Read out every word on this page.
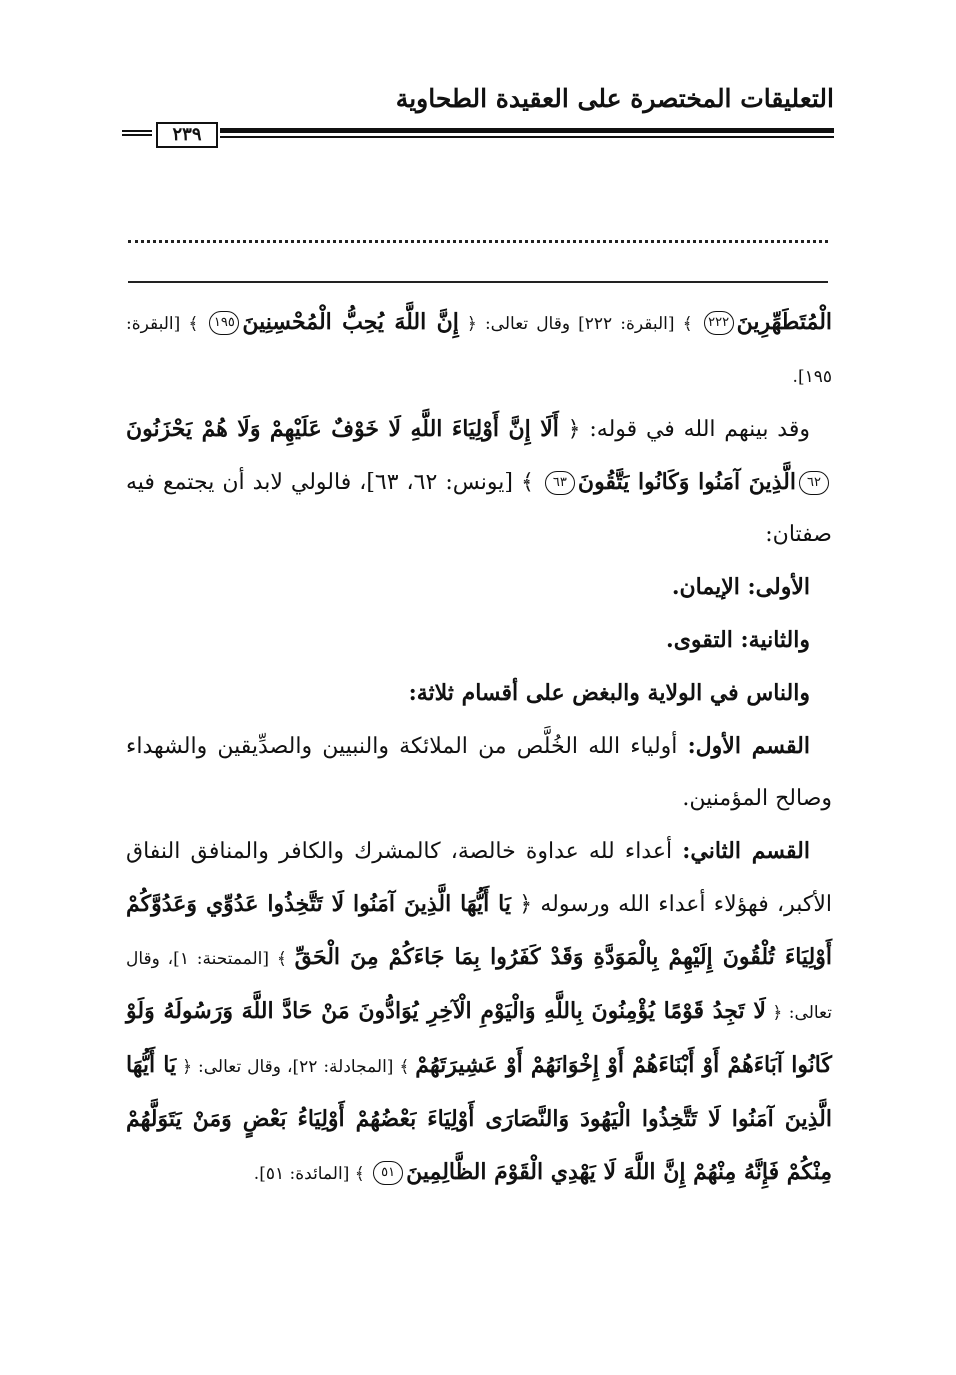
التعليقات المختصرة على العقيدة الطحاوية
٢٣٩

الْمُتَطَهِّرِينَ٢٢٢ ﴾ [البقرة: ٢٢٢] وقال تعالى: ﴿ إِنَّ اللَّهَ يُحِبُّ الْمُحْسِنِينَ١٩٥ ﴾ [البقرة: ١٩٥].

 وقد بينهم الله في قوله: ﴿ أَلَا إِنَّ أَوْلِيَاءَ اللَّهِ لَا خَوْفٌ عَلَيْهِمْ وَلَا هُمْ يَحْزَنُونَ٦٢الَّذِينَ آمَنُوا وَكَانُوا يَتَّقُونَ٦٣ ﴾ [يونس: ٦٢، ٦٣]، فالولي لابد أن يجتمع فيه صفتان:

 الأولى: الإيمان.

 والثانية: التقوى.

 والناس في الولاية والبغض على أقسام ثلاثة:

 القسم الأول: أولياء الله الخُلَّص من الملائكة والنبيين والصدِّيقين والشهداء وصالح المؤمنين.

 القسم الثاني: أعداء لله عداوة خالصة، كالمشرك والكافر والمنافق النفاق الأكبر، فهؤلاء أعداء الله ورسوله ﴿ يَا أَيُّهَا الَّذِينَ آمَنُوا لَا تَتَّخِذُوا عَدُوِّي وَعَدُوَّكُمْ أَوْلِيَاءَ تُلْقُونَ إِلَيْهِمْ بِالْمَوَدَّةِ وَقَدْ كَفَرُوا بِمَا جَاءَكُمْ مِنَ الْحَقِّ ﴾ [الممتحنة: ١]، وقال تعالى: ﴿ لَا تَجِدُ قَوْمًا يُؤْمِنُونَ بِاللَّهِ وَالْيَوْمِ الْآخِرِ يُوَادُّونَ مَنْ حَادَّ اللَّهَ وَرَسُولَهُ وَلَوْ كَانُوا آبَاءَهُمْ أَوْ أَبْنَاءَهُمْ أَوْ إِخْوَانَهُمْ أَوْ عَشِيرَتَهُمْ ﴾ [المجادلة: ٢٢]، وقال تعالى: ﴿ يَا أَيُّهَا الَّذِينَ آمَنُوا لَا تَتَّخِذُوا الْيَهُودَ وَالنَّصَارَى أَوْلِيَاءَ بَعْضُهُمْ أَوْلِيَاءُ بَعْضٍ وَمَنْ يَتَوَلَّهُمْ مِنْكُمْ فَإِنَّهُ مِنْهُمْ إِنَّ اللَّهَ لَا يَهْدِي الْقَوْمَ الظَّالِمِينَ٥١ ﴾ [المائدة: ٥١].
